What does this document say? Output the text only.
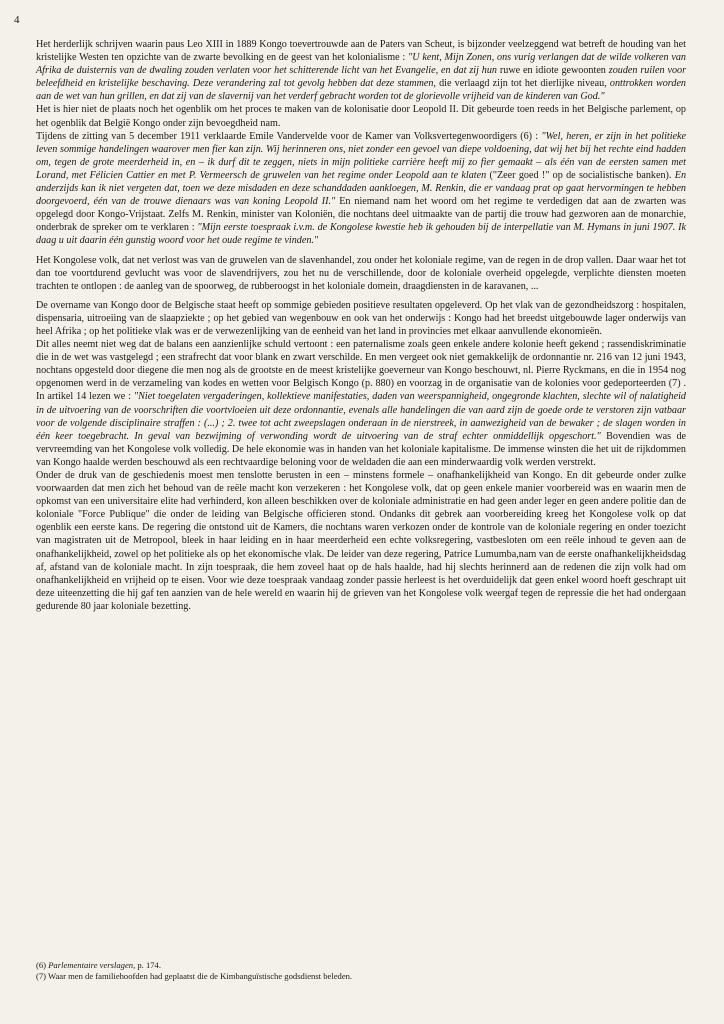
4

Het herderlijk schrijven waarin paus Leo XIII in 1889 Kongo toevertrouwde aan de Paters van Scheut, is bijzonder veelzeggend wat betreft de houding van het kristelijke Westen ten opzichte van de zwarte bevolking en de geest van het kolonialisme : "U kent, Mijn Zonen, ons vurig verlangen dat de wilde volkeren van Afrika de duisternis van de dwaling zouden verlaten voor het schitterende licht van het Evangelie, en dat zij hun ruwe en idiote gewoonten zouden ruilen voor beleefdheid en kristelijke beschaving. Deze verandering zal tot gevolg hebben dat deze stammen, die verlaagd zijn tot het dierlijke niveau, onttrokken worden aan de wet van hun grillen, en dat zij van de slavernij van het verderf gebracht worden tot de glorievolle vrijheid van de kinderen van God."

Het is hier niet de plaats noch het ogenblik om het proces te maken van de kolonisatie door Leopold II. Dit gebeurde toen reeds in het Belgische parlement, op het ogenblik dat België Kongo onder zijn bevoegdheid nam.

Tijdens de zitting van 5 december 1911 verklaarde Emile Vandervelde voor de Kamer van Volksvertegenwoordigers (6) : "Wel, heren, er zijn in het politieke leven sommige handelingen waarover men fier kan zijn. Wij herinneren ons, niet zonder een gevoel van diepe voldoening, dat wij het bij het rechte eind hadden om, tegen de grote meerderheid in, en – ik durf dit te zeggen, niets in mijn politieke carrière heeft mij zo fier gemaakt – als één van de eersten samen met Lorand, met Félicien Cattier en met P. Vermeersch de gruwelen van het regime onder Leopold aan te klaten ("Zeer goed !" op de socialistische banken). En anderzijds kan ik niet vergeten dat, toen we deze misdaden en deze schanddaden aankloegen, M. Renkin, die er vandaag prat op gaat hervormingen te hebben doorgevoerd, één van de trouwe dienaars was van koning Leopold II." En niemand nam het woord om het regime te verdedigen dat aan de zwarten was opgelegd door Kongo-Vrijstaat. Zelfs M. Renkin, minister van Koloniën, die nochtans deel uitmaakte van de partij die trouw had gezworen aan de monarchie, onderbrak de spreker om te verklaren : "Mijn eerste toespraak i.v.m. de Kongolese kwestie heb ik gehouden bij de interpellatie van M. Hymans in juni 1907. Ik daag u uit daarin één gunstig woord voor het oude regime te vinden."

Het Kongolese volk, dat net verlost was van de gruwelen van de slavenhandel, zou onder het koloniale regime, van de regen in de drop vallen. Daar waar het tot dan toe voortdurend gevlucht was voor de slavendrijvers, zou het nu de verschillende, door de koloniale overheid opgelegde, verplichte diensten moeten trachten te ontlopen : de aanleg van de spoorweg, de rubberoogst in het koloniale domein, draagdiensten in de karavanen, ...

De overname van Kongo door de Belgische staat heeft op sommige gebieden positieve resultaten opgeleverd. Op het vlak van de gezondheidszorg : hospitalen, dispensaria, uitroeiing van de slaapziekte ; op het gebied van wegenbouw en ook van het onderwijs : Kongo had het breedst uitgebouwde lager onderwijs van heel Afrika ; op het politieke vlak was er de verwezenlijking van de eenheid van het land in provincies met elkaar aanvullende ekonomieën.

Dit alles neemt niet weg dat de balans een aanzienlijke schuld vertoont : een paternalisme zoals geen enkele andere kolonie heeft gekend ; rassendiskriminatie die in de wet was vastgelegd ; een strafrecht dat voor blank en zwart verschilde. En men vergeet ook niet gemakkelijk de ordonnantie nr. 216 van 12 juni 1943, nochtans opgesteld door diegene die men nog als de grootste en de meest kristelijke goeverneur van Kongo beschouwt, nl. Pierre Ryckmans, en die in 1954 nog opgenomen werd in de verzameling van kodes en wetten voor Belgisch Kongo (p. 880) en voorzag in de organisatie van de kolonies voor gedeporteerden (7) . In artikel 14 lezen we : "Niet toegelaten vergaderingen, kollektieve manifestaties, daden van weerspannigheid, ongegronde klachten, slechte wil of nalatigheid in de uitvoering van de voorschriften die voortvloeien uit deze ordonnantie, evenals alle handelingen die van aard zijn de goede orde te verstoren zijn vatbaar voor de volgende disciplinaire straffen : (...) ; 2. twee tot acht zweepslagen onderaan in de nierstreek, in aanwezigheid van de bewaker ; de slagen worden in één keer toegebracht. In geval van bezwijming of verwonding wordt de uitvoering van de straf echter onmiddellijk opgeschort." Bovendien was de vervreemding van het Kongolese volk volledig. De hele ekonomie was in handen van het koloniale kapitalisme. De immense winsten die het uit de rijkdommen van Kongo haalde werden beschouwd als een rechtvaardige beloning voor de weldaden die aan een minderwaardig volk werden verstrekt.

Onder de druk van de geschiedenis moest men tenslotte berusten in een – minstens formele – onafhankelijkheid van Kongo. En dit gebeurde onder zulke voorwaarden dat men zich het behoud van de reële macht kon verzekeren : het Kongolese volk, dat op geen enkele manier voorbereid was en waarin men de opkomst van een universitaire elite had verhinderd, kon alleen beschikken over de koloniale administratie en had geen ander leger en geen andere politie dan de koloniale "Force Publique" die onder de leiding van Belgische officieren stond. Ondanks dit gebrek aan voorbereiding kreeg het Kongolese volk op dat ogenblik een eerste kans. De regering die ontstond uit de Kamers, die nochtans waren verkozen onder de kontrole van de koloniale regering en onder toezicht van magistraten uit de Metropool, bleek in haar leiding en in haar meerderheid een echte volksregering, vastbesloten om een reële inhoud te geven aan de onafhankelijkheid, zowel op het politieke als op het ekonomische vlak. De leider van deze regering, Patrice Lumumba,nam van de eerste onafhankelijkheidsdag af, afstand van de koloniale macht. In zijn toespraak, die hem zoveel haat op de hals haalde, had hij slechts herinnerd aan de redenen die zijn volk had om onafhankelijkheid en vrijheid op te eisen. Voor wie deze toespraak vandaag zonder passie herleest is het overduidelijk dat geen enkel woord hoeft geschrapt uit deze uiteenzetting die hij gaf ten aanzien van de hele wereld en waarin hij de grieven van het Kongolese volk weergaf tegen de repressie die het had ondergaan gedurende 80 jaar koloniale bezetting.

(6) Parlementaire verslagen, p. 174.

(7) Waar men de familiehoofden had geplaatst die de Kimbanguïstische godsdienst beleden.
